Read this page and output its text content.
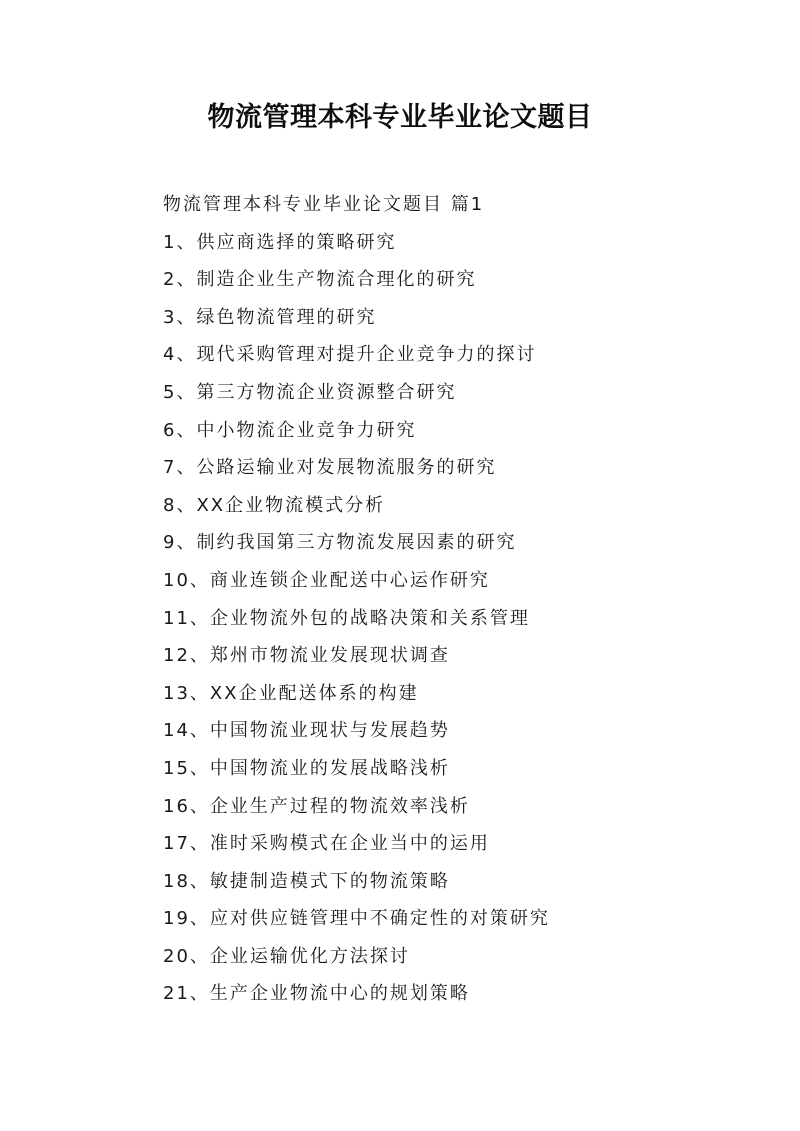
物流管理本科专业毕业论文题目

物流管理本科专业毕业论文题目 篇1

1、供应商选择的策略研究
2、制造企业生产物流合理化的研究
3、绿色物流管理的研究
4、现代采购管理对提升企业竞争力的探讨
5、第三方物流企业资源整合研究
6、中小物流企业竞争力研究
7、公路运输业对发展物流服务的研究
8、XX企业物流模式分析
9、制约我国第三方物流发展因素的研究
10、商业连锁企业配送中心运作研究
11、企业物流外包的战略决策和关系管理
12、郑州市物流业发展现状调查
13、XX企业配送体系的构建
14、中国物流业现状与发展趋势
15、中国物流业的发展战略浅析
16、企业生产过程的物流效率浅析
17、准时采购模式在企业当中的运用
18、敏捷制造模式下的物流策略
19、应对供应链管理中不确定性的对策研究
20、企业运输优化方法探讨
21、生产企业物流中心的规划策略
